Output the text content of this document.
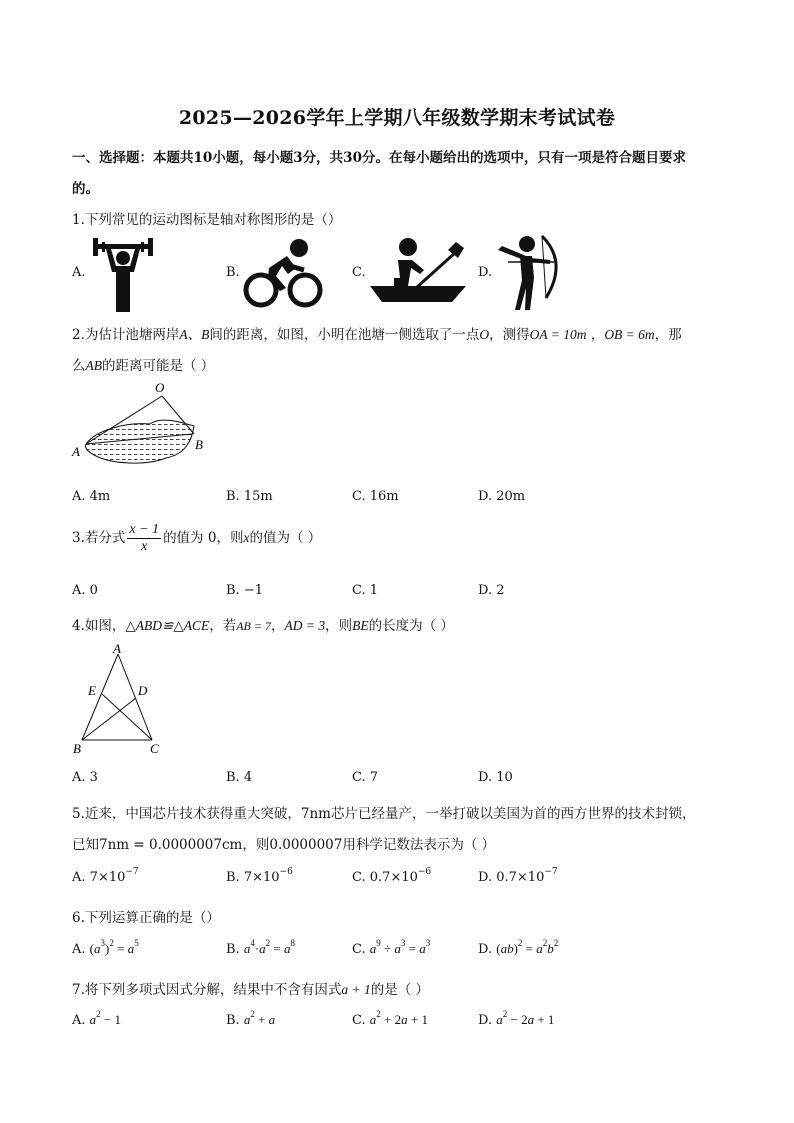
2025—2026学年上学期八年级数学期末考试试卷
一、选择题：本题共10小题，每小题3分，共30分。在每小题给出的选项中，只有一项是符合题目要求
的。
1.下列常见的运动图标是轴对称图形的是（）
A.	B.	C.	D.
2.为估计池塘两岸A、B间的距离，如图，小明在池塘一侧选取了一点O，测得OA = 10m ，OB = 6m，那
么AB的距离可能是（ ）
O
A	B
A. 4m	B. 15m	C. 16m	D. 20m
3.若分式 $\frac{x - 1}{x}$ 的值为 0，则x的值为（ ）
A. 0	B. −1	C. 1	D. 2
4.如图，△ABD≌△ACE，若AB = 7，AD = 3，则BE的长度为（ ）
A
E	D
B	C
A. 3	B. 4	C. 7	D. 10
5.近来，中国芯片技术获得重大突破，7nm芯片已经量产，一举打破以美国为首的西方世界的技术封锁，
已知7nm = 0.0000007cm，则0.0000007用科学记数法表示为（ ）
A. $7\times 10^{-7}$	B. $7\times 10^{-6}$	C. $0.7\times 10^{-6}$	D. $0.7\times 10^{-7}$
6.下列运算正确的是（）
A. $(a^3)^2 = a^5$	B. $a^4\cdot a^2 = a^8$	C. $a^9 \div a^3 = a^3$	D. $(ab)^2 = a^2b^2$
7.将下列多项式因式分解，结果中不含有因式a + 1的是（ ）
A. $a^2 - 1$	B. $a^2 + a$	C. $a^2 + 2a + 1$	D. $a^2 - 2a + 1$
